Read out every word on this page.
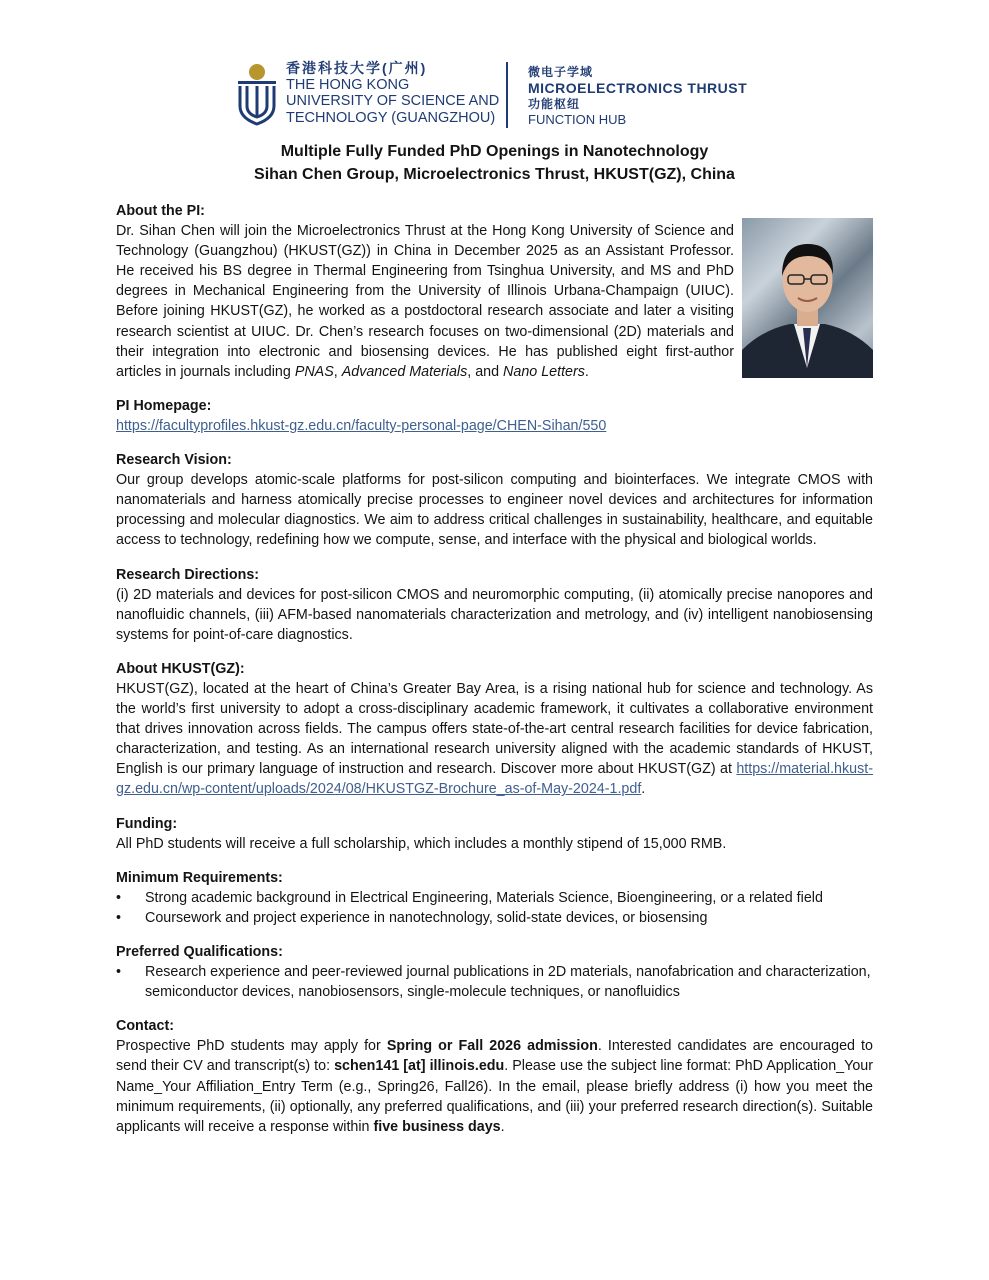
香港科技大学(广州)
THE HONG KONG
UNIVERSITY OF SCIENCE AND
TECHNOLOGY (GUANGZHOU)
微电子学域
MICROELECTRONICS THRUST
功能枢纽
FUNCTION HUB
Multiple Fully Funded PhD Openings in Nanotechnology
Sihan Chen Group, Microelectronics Thrust, HKUST(GZ), China
About the PI:
Dr. Sihan Chen will join the Microelectronics Thrust at the Hong Kong University of Science and Technology (Guangzhou) (HKUST(GZ)) in China in December 2025 as an Assistant Professor. He received his BS degree in Thermal Engineering from Tsinghua University, and MS and PhD degrees in Mechanical Engineering from the University of Illinois Urbana-Champaign (UIUC). Before joining HKUST(GZ), he worked as a postdoctoral research associate and later a visiting research scientist at UIUC. Dr. Chen’s research focuses on two-dimensional (2D) materials and their integration into electronic and biosensing devices. He has published eight first-author articles in journals including PNAS, Advanced Materials, and Nano Letters.
PI Homepage:
https://facultyprofiles.hkust-gz.edu.cn/faculty-personal-page/CHEN-Sihan/550
Research Vision:
Our group develops atomic-scale platforms for post-silicon computing and biointerfaces. We integrate CMOS with nanomaterials and harness atomically precise processes to engineer novel devices and architectures for information processing and molecular diagnostics. We aim to address critical challenges in sustainability, healthcare, and equitable access to technology, redefining how we compute, sense, and interface with the physical and biological worlds.
Research Directions:
(i) 2D materials and devices for post-silicon CMOS and neuromorphic computing, (ii) atomically precise nanopores and nanofluidic channels, (iii) AFM-based nanomaterials characterization and metrology, and (iv) intelligent nanobiosensing systems for point-of-care diagnostics.
About HKUST(GZ):
HKUST(GZ), located at the heart of China’s Greater Bay Area, is a rising national hub for science and technology. As the world’s first university to adopt a cross-disciplinary academic framework, it cultivates a collaborative environment that drives innovation across fields. The campus offers state-of-the-art central research facilities for device fabrication, characterization, and testing. As an international research university aligned with the academic standards of HKUST, English is our primary language of instruction and research. Discover more about HKUST(GZ) at https://material.hkust-gz.edu.cn/wp-content/uploads/2024/08/HKUSTGZ-Brochure_as-of-May-2024-1.pdf.
Funding:
All PhD students will receive a full scholarship, which includes a monthly stipend of 15,000 RMB.
Minimum Requirements:
• Strong academic background in Electrical Engineering, Materials Science, Bioengineering, or a related field
• Coursework and project experience in nanotechnology, solid-state devices, or biosensing
Preferred Qualifications:
• Research experience and peer-reviewed journal publications in 2D materials, nanofabrication and characterization, semiconductor devices, nanobiosensors, single-molecule techniques, or nanofluidics
Contact:
Prospective PhD students may apply for Spring or Fall 2026 admission. Interested candidates are encouraged to send their CV and transcript(s) to: schen141 [at] illinois.edu. Please use the subject line format: PhD Application_Your Name_Your Affiliation_Entry Term (e.g., Spring26, Fall26). In the email, please briefly address (i) how you meet the minimum requirements, (ii) optionally, any preferred qualifications, and (iii) your preferred research direction(s). Suitable applicants will receive a response within five business days.
